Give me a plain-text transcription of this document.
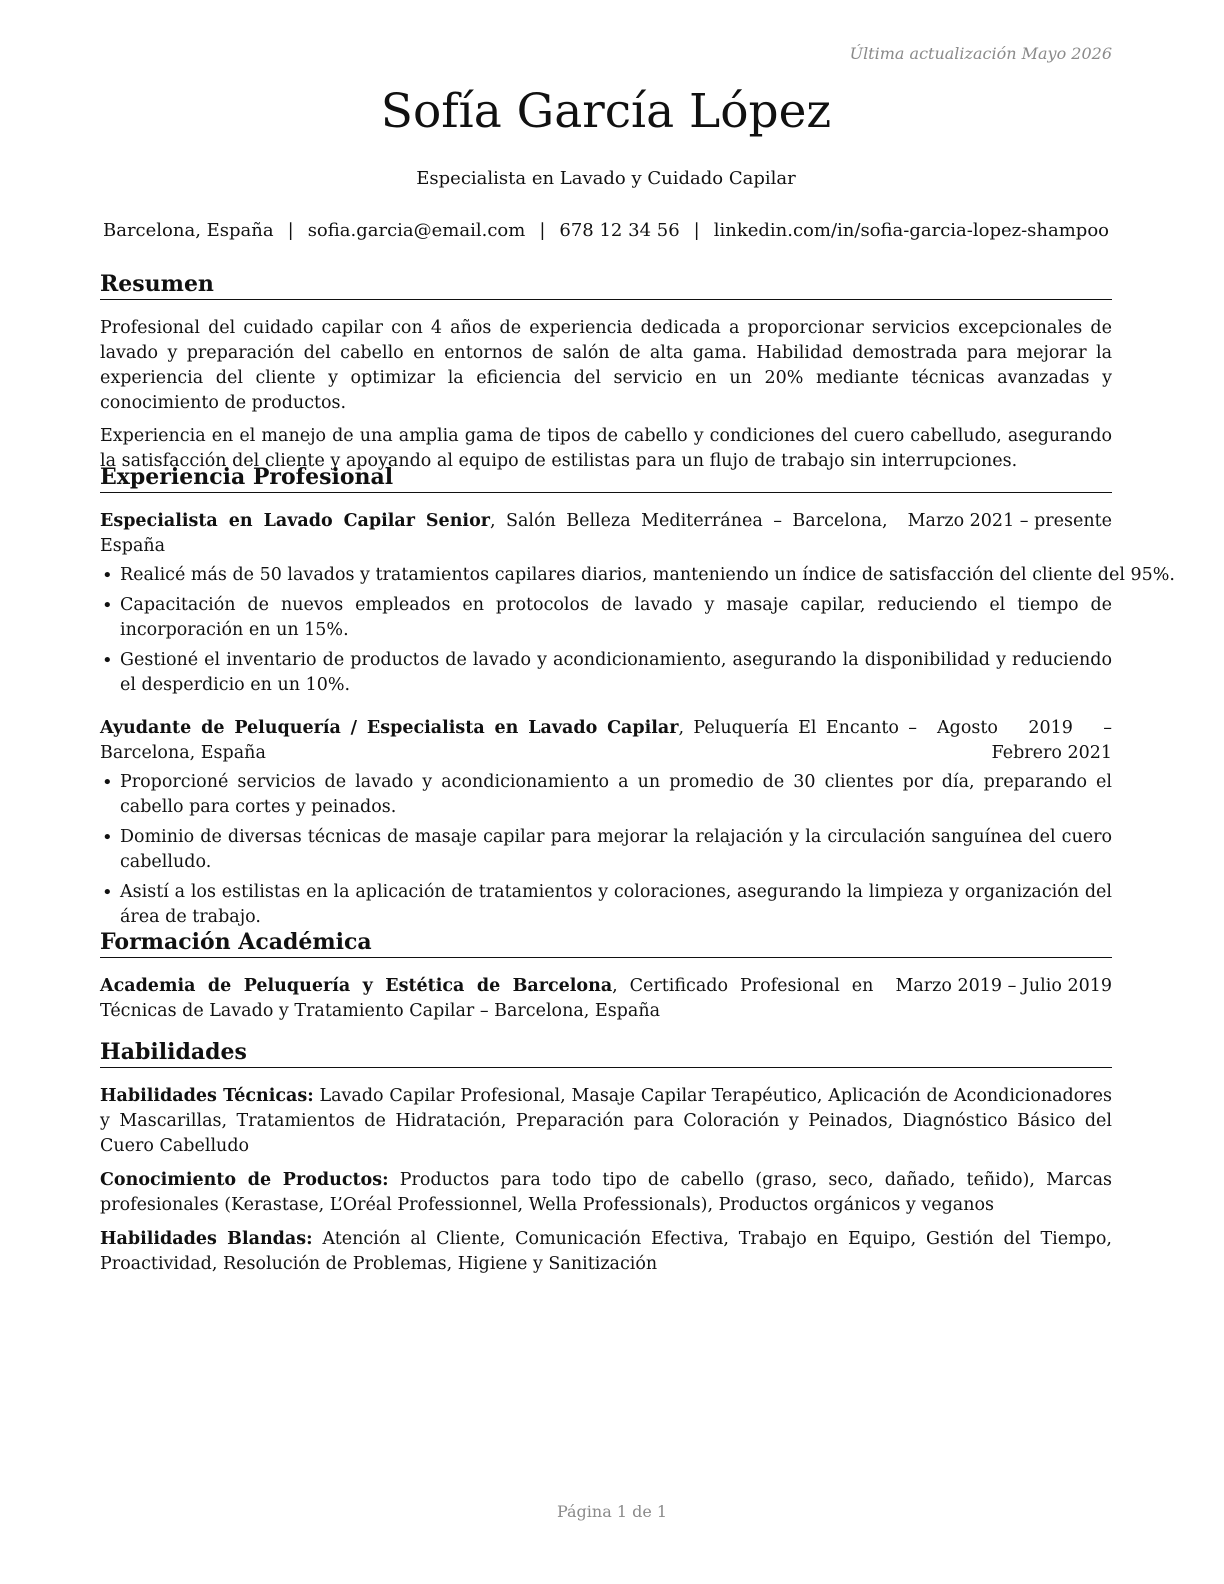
Última actualización Mayo 2026
Sofía García López
Especialista en Lavado y Cuidado Capilar
Barcelona, España | sofia.garcia@email.com | 678 12 34 56 | linkedin.com/in/sofia-garcia-lopez-shampoo
Resumen

Profesional del cuidado capilar con 4 años de experiencia dedicada a proporcionar servicios excepcionales de lavado y preparación del cabello en entornos de salón de alta gama. Habilidad demostrada para mejorar la experiencia del cliente y optimizar la eficiencia del servicio en un 20% mediante técnicas avanzadas y conocimiento de productos.

Experiencia en el manejo de una amplia gama de tipos de cabello y condiciones del cuero cabelludo, asegurando la satisfacción del cliente y apoyando al equipo de estilistas para un flujo de trabajo sin interrupciones.

Experiencia Profesional
Especialista en Lavado Capilar Senior, Salón Belleza Mediterránea – Barcelona, España
Marzo 2021 – presente
• Realicé más de 50 lavados y tratamientos capilares diarios, manteniendo un índice de satisfacción del cliente del 95%.
• Capacitación de nuevos empleados en protocolos de lavado y masaje capilar, reduciendo el tiempo de incorporación en un 15%.
• Gestioné el inventario de productos de lavado y acondicionamiento, asegurando la disponibilidad y reduciendo el desperdicio en un 10%.
Ayudante de Peluquería / Especialista en Lavado Capilar, Peluquería El Encanto – Barcelona, España
Agosto 2019 – Febrero 2021
• Proporcioné servicios de lavado y acondicionamiento a un promedio de 30 clientes por día, preparando el cabello para cortes y peinados.
• Dominio de diversas técnicas de masaje capilar para mejorar la relajación y la circulación sanguínea del cuero cabelludo.
• Asistí a los estilistas en la aplicación de tratamientos y coloraciones, asegurando la limpieza y organización del área de trabajo.
Formación Académica
Academia de Peluquería y Estética de Barcelona, Certificado Profesional en Técnicas de Lavado y Tratamiento Capilar – Barcelona, España
Marzo 2019 – Julio 2019
Habilidades

Habilidades Técnicas: Lavado Capilar Profesional, Masaje Capilar Terapéutico, Aplicación de Acondicionadores y Mascarillas, Tratamientos de Hidratación, Preparación para Coloración y Peinados, Diagnóstico Básico del Cuero Cabelludo

Conocimiento de Productos: Productos para todo tipo de cabello (graso, seco, dañado, teñido), Marcas profesionales (Kerastase, L’Oréal Professionnel, Wella Professionals), Productos orgánicos y veganos

Habilidades Blandas: Atención al Cliente, Comunicación Efectiva, Trabajo en Equipo, Gestión del Tiempo, Proactividad, Resolución de Problemas, Higiene y Sanitización

Página 1 de 1
